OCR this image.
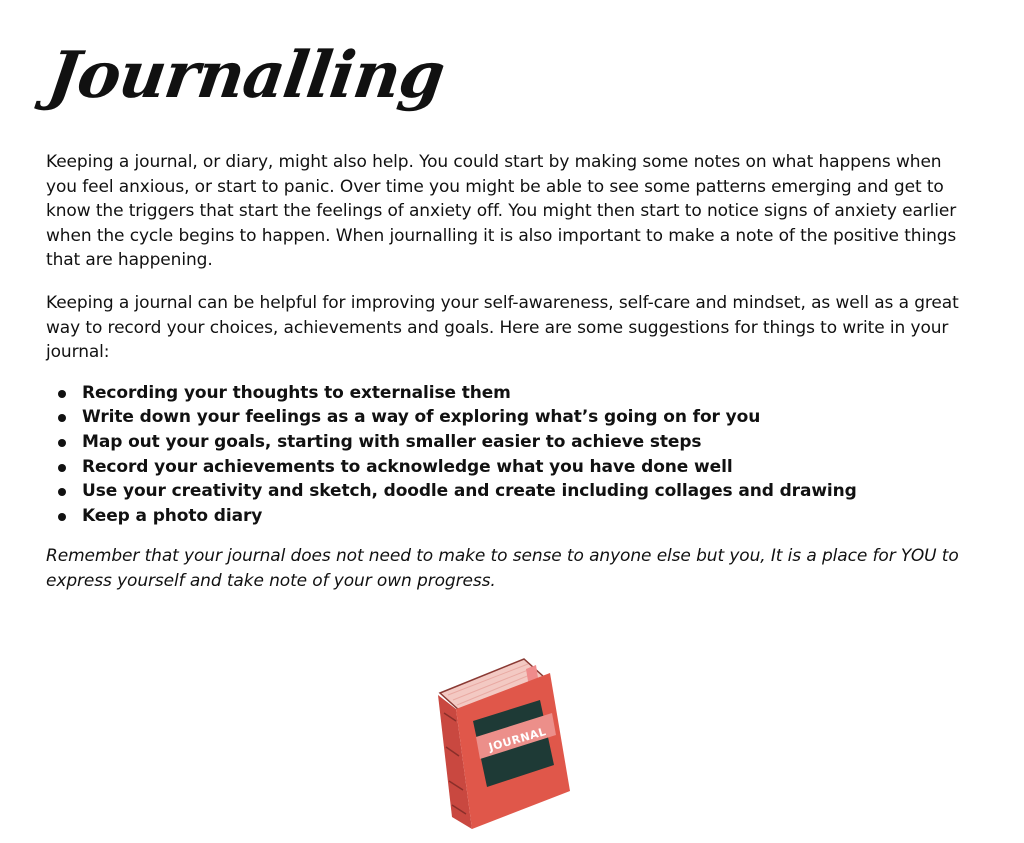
Journalling

Keeping a journal, or diary, might also help. You could start by making some notes on what happens when you feel anxious, or start to panic. Over time you might be able to see some patterns emerging and get to know the triggers that start the feelings of anxiety off. You might then start to notice signs of anxiety earlier when the cycle begins to happen. When journalling it is also important to make a note of the positive things that are happening.

Keeping a journal can be helpful for improving your self-awareness, self-care and mindset, as well as a great way to record your choices, achievements and goals. Here are some suggestions for things to write in your journal:

Recording your thoughts to externalise them
Write down your feelings as a way of exploring what’s going on for you
Map out your goals, starting with smaller easier to achieve steps
Record your achievements to acknowledge what you have done well
Use your creativity and sketch, doodle and create including collages and drawing
Keep a photo diary

Remember that your journal does not need to make to sense to anyone else but you, It is a place for YOU to express yourself and take note of your own progress.

JOURNAL
